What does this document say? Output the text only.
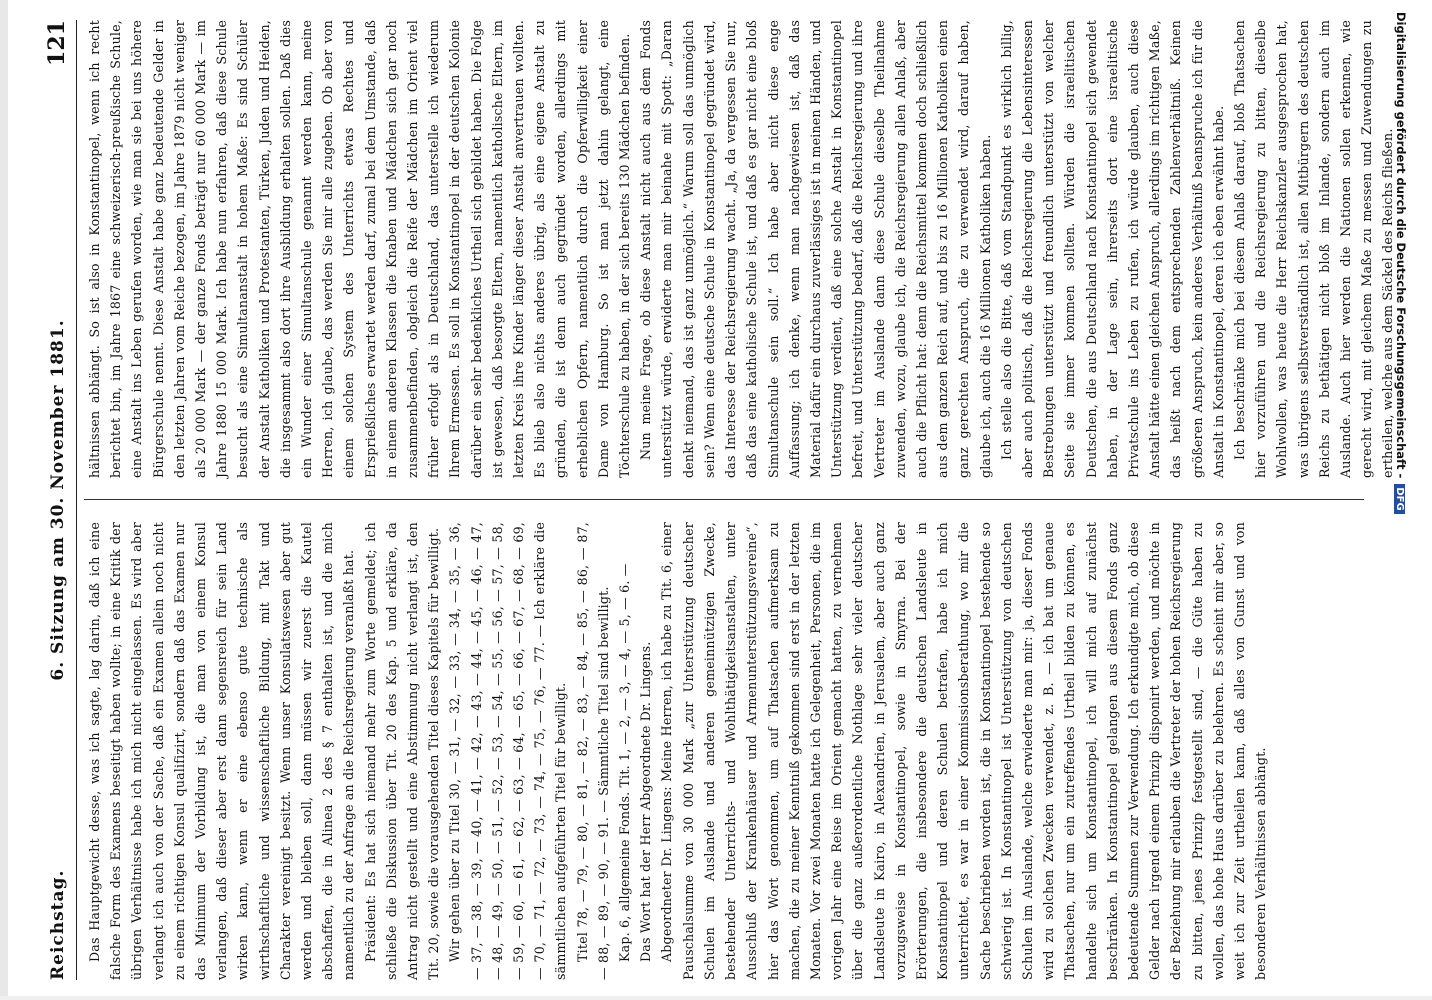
Reichstag.
6. Sitzung am 30. November 1881.
121

Das Hauptgewicht desse, was ich sagte, lag darin, daß ich eine falsche Form des Examens beseitigt haben wollte; in eine Kritik der übrigen Verhältnisse habe ich mich nicht eingelassen. Es wird aber verlangt ich auch von der Sache, daß ein Examen allein noch nicht zu einem richtigen Konsul qualifizirt, sondern daß das Examen nur das Minimum der Vorbildung ist, die man von einem Konsul verlangen, daß dieser aber erst dann segensreich für sein Land wirken kann, wenn er eine ebenso gute technische als wirthschaftliche und wissenschaftliche Bildung, mit Takt und Charakter vereinigt besitzt. Wenn unser Konsulatswesen aber gut werden und bleiben soll, dann müssen wir zuerst die Kautel abschaffen, die in Alinea 2 des § 7 enthalten ist, und die mich namentlich zu der Anfrage an die Reichsregierung veranlaßt hat. Präsident: Es hat sich niemand mehr zum Worte gemeldet; ich schließe die Diskussion über Tit. 20 des Kap. 5 und erkläre, da Antrag nicht gestellt und eine Abstimmung nicht verlangt ist, den Tit. 20, sowie die vorausgehenden Titel dieses Kapitels für bewilligt. Wir gehen über zu Titel 30, — 31, — 32, — 33, — 34, — 35, — 36, — 37, — 38, — 39, — 40, — 41, — 42, — 43, — 44, — 45, — 46, — 47, — 48, — 49, — 50, — 51, — 52, — 53, — 54, — 55, — 56, — 57, — 58, — 59, — 60, — 61, — 62, — 63, — 64, — 65, — 66, — 67, — 68, — 69, — 70, — 71, — 72, — 73, — 74, — 75, — 76, — 77. — Ich erkläre die sämmtlichen aufgeführten Titel für bewilligt. Titel 78, — 79, — 80, — 81, — 82, — 83, — 84, — 85, — 86, — 87, — 88, — 89, — 90, — 91. — Sämmtliche Titel sind bewilligt. Kap. 6, allgemeine Fonds. Tit. 1, — 2, — 3, — 4, — 5, — 6. — Das Wort hat der Herr Abgeordnete Dr. Lingens. Abgeordneter Dr. Lingens: Meine Herren, ich habe zu Tit. 6, einer Pauschalsumme von 30 000 Mark „zur Unterstützung deutscher Schulen im Auslande und anderen gemeinnützigen Zwecke, bestehender Unterrichts- und Wohlthätigkeitsanstalten, unter Ausschluß der Krankenhäuser und Armenunterstützungsvereine“, hier das Wort genommen, um auf Thatsachen aufmerksam zu machen, die zu meiner Kenntniß gekommen sind erst in der letzten Monaten. Vor zwei Monaten hatte ich Gelegenheit, Personen, die im vorigen Jahr eine Reise im Orient gemacht hatten, zu vernehmen über die ganz außerordentliche Nothlage sehr vieler deutscher Landsleute in Kairo, in Alexandrien, in Jerusalem, aber auch ganz vorzugsweise in Konstantinopel, sowie in Smyrna. Bei der Erörterungen, die insbesondere die deutschen Landsleute in Konstantinopel und deren Schulen betrafen, habe ich mich unterrichtet, es war in einer Kommissionsberathung, wo mir die Sache beschrieben worden ist, die in Konstantinopel bestehende so schwierig ist. In Konstantinopel ist Unterstützung von deutschen Schulen im Auslande, welche erwiederte man mir: ja, dieser Fonds wird zu solchen Zwecken verwendet, z. B. — ich bat um genaue Thatsachen, nur um ein zutreffendes Urtheil bilden zu können, es handelte sich um Konstantinopel, ich will mich auf zunächst beschränken. In Konstantinopel gelangen aus diesem Fonds ganz bedeutende Summen zur Verwendung. Ich erkundigte mich, ob diese Gelder nach irgend einem Prinzip disponirt werden, und möchte in der Beziehung mir erlauben die Vertreter der hohen Reichsregierung zu bitten, jenes Prinzip festgestellt sind, — die Güte haben zu wollen, das hohe Haus darüber zu belehren. Es scheint mir aber, so weit ich zur Zeit urtheilen kann, daß alles von Gunst und von besonderen Verhältnissen abhängt.

hältnissen abhängt. So ist also in Konstantinopel, wenn ich recht berichtet bin, im Jahre 1867 eine schweizerisch-preußische Schule, eine Anstalt ins Leben gerufen worden, wie man sie bei uns höhere Bürgerschule nennt. Diese Anstalt habe ganz bedeutende Gelder in den letzten Jahren vom Reiche bezogen, im Jahre 1879 nicht weniger als 20 000 Mark — der ganze Fonds beträgt nur 60 000 Mark — im Jahre 1880 15 000 Mark. Ich habe nun erfahren, daß diese Schule besucht als eine Simultananstalt in hohem Maße: Es sind Schüler der Anstalt Katholiken und Protestanten, Türken, Juden und Heiden, die insgesammt also dort ihre Ausbildung erhalten sollen. Daß dies ein Wunder einer Simultanschule genannt werden kann, meine Herren, ich glaube, das werden Sie mir alle zugeben. Ob aber von einem solchen System des Unterrichts etwas Rechtes und Ersprießliches erwartet werden darf, zumal bei dem Umstande, daß in einem anderen Klassen die Knaben und Mädchen sich gar noch zusammenbefinden, obgleich die Reife der Mädchen im Orient viel früher erfolgt als in Deutschland, das unterstelle ich wiederum Ihrem Ermessen. Es soll in Konstantinopel in der deutschen Kolonie darüber ein sehr bedenkliches Urtheil sich gebildet haben. Die Folge ist gewesen, daß besorgte Eltern, namentlich katholische Eltern, im letzten Kreis ihre Kinder länger dieser Anstalt anvertrauen wollten. Es blieb also nichts anderes übrig, als eine eigene Anstalt zu gründen, die ist denn auch gegründet worden, allerdings mit erheblichen Opfern, namentlich durch die Opferwilligkeit einer Dame von Hamburg. So ist man jetzt dahin gelangt, eine Töchterschule zu haben, in der sich bereits 130 Mädchen befinden. Nun meine Frage, ob diese Anstalt nicht auch aus dem Fonds unterstützt würde, erwiderte man mir beinahe mit Spott: „Daran denkt niemand, das ist ganz unmöglich.“ Warum soll das unmöglich sein? Wenn eine deutsche Schule in Konstantinopel gegründet wird, das Interesse der Reichsregierung wacht. „Ja, da vergessen Sie nur, daß das eine katholische Schule ist, und daß es gar nicht eine bloß Simultanschule sein soll.“ Ich habe aber nicht diese enge Auffassung; ich denke, wenn man nachgewiesen ist, daß das Material dafür ein durchaus zuverlässiges ist in meinen Händen, und Unterstützung verdient, daß eine solche Anstalt in Konstantinopel befreit, und Unterstützung bedarf, daß die Reichsregierung und ihre Vertreter im Auslande dann diese Schule dieselbe Theilnahme zuwenden, wozu, glaube ich, die Reichsregierung allen Anlaß, aber auch die Pflicht hat: denn die Reichsmittel kommen doch schließlich aus dem ganzen Reich auf, und bis zu 16 Millionen Katholiken einen ganz gerechten Anspruch, die zu verwendet wird, darauf haben, glaube ich, auch die 16 Millionen Katholiken haben. Ich stelle also die Bitte, daß vom Standpunkt es wirklich billig, aber auch politisch, daß die Reichsregierung die Lebensinteressen Bestrebungen unterstützt und freundlich unterstützt von welcher Seite sie immer kommen sollten. Würden die israelitischen Deutschen, die aus Deutschland nach Konstantinopel sich gewendet haben, in der Lage sein, ihrerseits dort eine israelitische Privatschule ins Leben zu rufen, ich würde glauben, auch diese Anstalt hätte einen gleichen Anspruch, allerdings im richtigen Maße, das heißt nach dem entsprechenden Zahlenverhältniß. Keinen größeren Anspruch, kein anderes Verhältniß beanspruche ich für die Anstalt in Konstantinopel, deren ich eben erwähnt habe. Ich beschränke mich bei diesem Anlaß darauf, bloß Thatsachen hier vorzuführen und die Reichsregierung zu bitten, dieselbe Wohlwollen, was heute die Herr Reichskanzler ausgesprochen hat, was übrigens selbstverständlich ist, allen Mitbürgern des deutschen Reichs zu bethätigen nicht bloß im Inlande, sondern auch im Auslande. Auch hier werden die Nationen sollen erkennen, wie gerecht wird, mit gleichem Maße zu messen und Zuwendungen zu ertheilen, welche aus dem Säckel des Reichs fließen.

Digitalisierung gefördert durch die Deutsche Forschungsgemeinschaft -DFG
